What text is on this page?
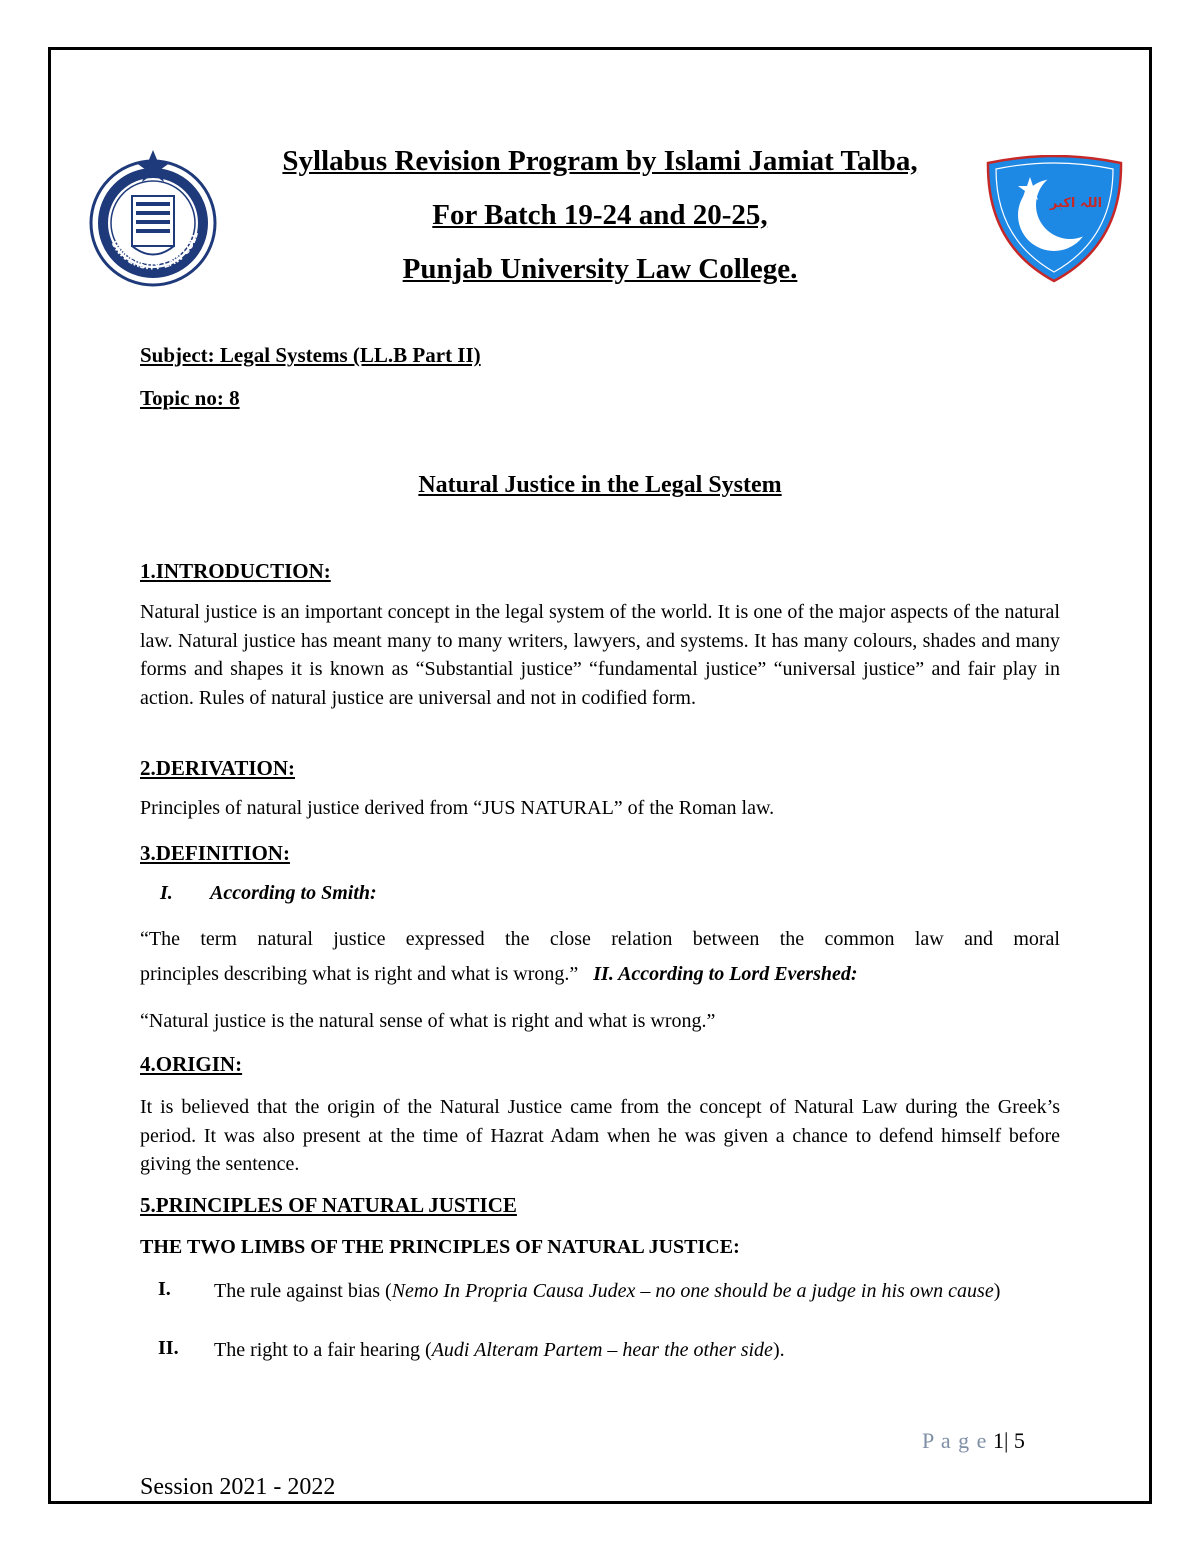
UNIVERSITY LAW COLL
اللہ اکبر
Syllabus Revision Program by Islami Jamiat Talba,
For Batch 19-24 and 20-25,
Punjab University Law College.
Subject: Legal Systems (LL.B Part II)
Topic no: 8
Natural Justice in the Legal System
1.INTRODUCTION:
Natural justice is an important concept in the legal system of the world. It is one of the major aspects of the natural law. Natural justice has meant many to many writers, lawyers, and systems. It has many colours, shades and many forms and shapes it is known as “Substantial justice” “fundamental justice” “universal justice” and fair play in action. Rules of natural justice are universal and not in codified form.
2.DERIVATION:
Principles of natural justice derived from “JUS NATURAL” of the Roman law.
3.DEFINITION:
I. According to Smith:
“The term natural justice expressed the close relation between the common law and moral
principles describing what is right and what is wrong.” II. According to Lord Evershed:
“Natural justice is the natural sense of what is right and what is wrong.”
4.ORIGIN:
It is believed that the origin of the Natural Justice came from the concept of Natural Law during the Greek’s period. It was also present at the time of Hazrat Adam when he was given a chance to defend himself before giving the sentence.
5.PRINCIPLES OF NATURAL JUSTICE
THE TWO LIMBS OF THE PRINCIPLES OF NATURAL JUSTICE:
I. The rule against bias (Nemo In Propria Causa Judex – no one should be a judge in his own cause)
II. The right to a fair hearing (Audi Alteram Partem – hear the other side).
P a g e 1| 5
Session 2021 - 2022
